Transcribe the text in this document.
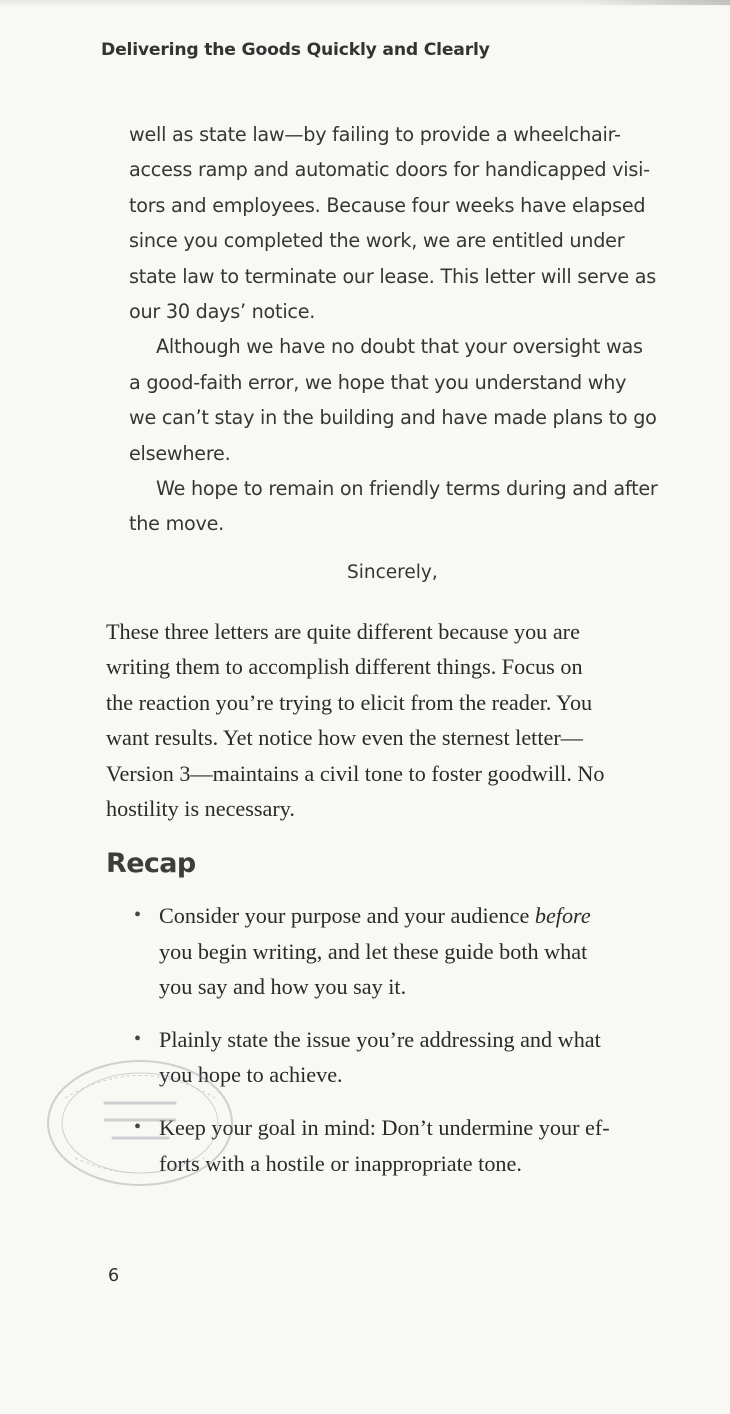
Delivering the Goods Quickly and Clearly
well as state law—by failing to provide a wheelchair-
access ramp and automatic doors for handicapped visi-
tors and employees. Because four weeks have elapsed
since you completed the work, we are entitled under
state law to terminate our lease. This letter will serve as
our 30 days’ notice.
Although we have no doubt that your oversight was
a good-faith error, we hope that you understand why
we can’t stay in the building and have made plans to go
elsewhere.
We hope to remain on friendly terms during and after
the move.
Sincerely,
These three letters are quite different because you are
writing them to accomplish different things. Focus on
the reaction you’re trying to elicit from the reader. You
want results. Yet notice how even the sternest letter—
Version 3—maintains a civil tone to foster goodwill. No
hostility is necessary.
Recap
• Consider your purpose and your audience before
you begin writing, and let these guide both what
you say and how you say it.
• Plainly state the issue you’re addressing and what
you hope to achieve.
• Keep your goal in mind: Don’t undermine your ef-
forts with a hostile or inappropriate tone.
6
